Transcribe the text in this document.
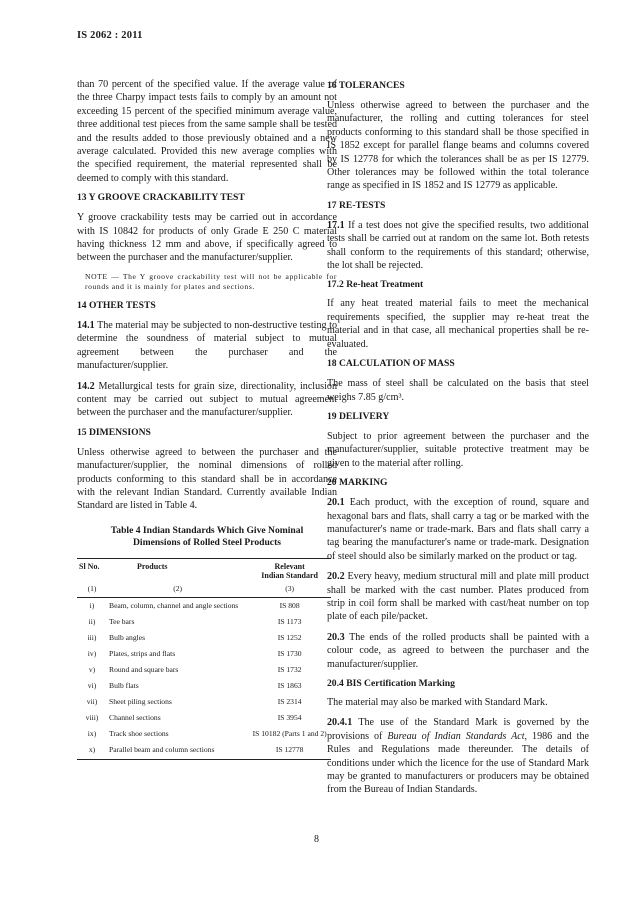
IS 2062 : 2011

than 70 percent of the specified value. If the average value of the three Charpy impact tests fails to comply by an amount not exceeding 15 percent of the specified minimum average value, three additional test pieces from the same sample shall be tested and the results added to those previously obtained and a new average calculated. Provided this new average complies with the specified requirement, the material represented shall be deemed to comply with this standard.

13 Y GROOVE CRACKABILITY TEST

Y groove crackability tests may be carried out in accordance with IS 10842 for products of only Grade E 250 C material having thickness 12 mm and above, if specifically agreed to between the purchaser and the manufacturer/supplier.

NOTE — The Y groove crackability test will not be applicable for rounds and it is mainly for plates and sections.

14 OTHER TESTS

14.1 The material may be subjected to non-destructive testing to determine the soundness of material subject to mutual agreement between the purchaser and the manufacturer/supplier.

14.2 Metallurgical tests for grain size, directionality, inclusion content may be carried out subject to mutual agreement between the purchaser and the manufacturer/supplier.

15 DIMENSIONS

Unless otherwise agreed to between the purchaser and the manufacturer/supplier, the nominal dimensions of rolled products conforming to this standard shall be in accordance with the relevant Indian Standard. Currently available Indian Standard are listed in Table 4.

Table 4 Indian Standards Which Give Nominal
Dimensions of Rolled Steel Products
Sl No.	Products	Relevant
Indian Standard

(1)	(2)	(3)
i)	Beam, column, channel and angle sections	IS 808
ii)	Tee bars	IS 1173
iii)	Bulb angles	IS 1252
iv)	Plates, strips and flats	IS 1730
v)	Round and square bars	IS 1732
vi)	Bulb flats	IS 1863
vii)	Sheet piling sections	IS 2314
viii)	Channel sections	IS 3954
ix)	Track shoe sections	IS 10182 (Parts 1 and 2)
x)	Parallel beam and column sections	IS 12778
16 TOLERANCES

Unless otherwise agreed to between the purchaser and the manufacturer, the rolling and cutting tolerances for steel products conforming to this standard shall be those specified in IS 1852 except for parallel flange beams and columns covered by IS 12778 for which the tolerances shall be as per IS 12779. Other tolerances may be followed within the total tolerance range as specified in IS 1852 and IS 12779 as applicable.

17 RE-TESTS

17.1 If a test does not give the specified results, two additional tests shall be carried out at random on the same lot. Both retests shall conform to the requirements of this standard; otherwise, the lot shall be rejected.

17.2 Re-heat Treatment

If any heat treated material fails to meet the mechanical requirements specified, the supplier may re-heat treat the material and in that case, all mechanical properties shall be re-evaluated.

18 CALCULATION OF MASS

The mass of steel shall be calculated on the basis that steel weighs 7.85 g/cm³.

19 DELIVERY

Subject to prior agreement between the purchaser and the manufacturer/supplier, suitable protective treatment may be given to the material after rolling.

20 MARKING

20.1 Each product, with the exception of round, square and hexagonal bars and flats, shall carry a tag or be marked with the manufacturer's name or trade-mark. Bars and flats shall carry a tag bearing the manufacturer's name or trade-mark. Designation of steel should also be similarly marked on the product or tag.

20.2 Every heavy, medium structural mill and plate mill product shall be marked with the cast number. Plates produced from strip in coil form shall be marked with cast/heat number on top plate of each pile/packet.

20.3 The ends of the rolled products shall be painted with a colour code, as agreed to between the purchaser and the manufacturer/supplier.

20.4 BIS Certification Marking

The material may also be marked with Standard Mark.

20.4.1 The use of the Standard Mark is governed by the provisions of Bureau of Indian Standards Act, 1986 and the Rules and Regulations made thereunder. The details of conditions under which the licence for the use of Standard Mark may be granted to manufacturers or producers may be obtained from the Bureau of Indian Standards.

8
